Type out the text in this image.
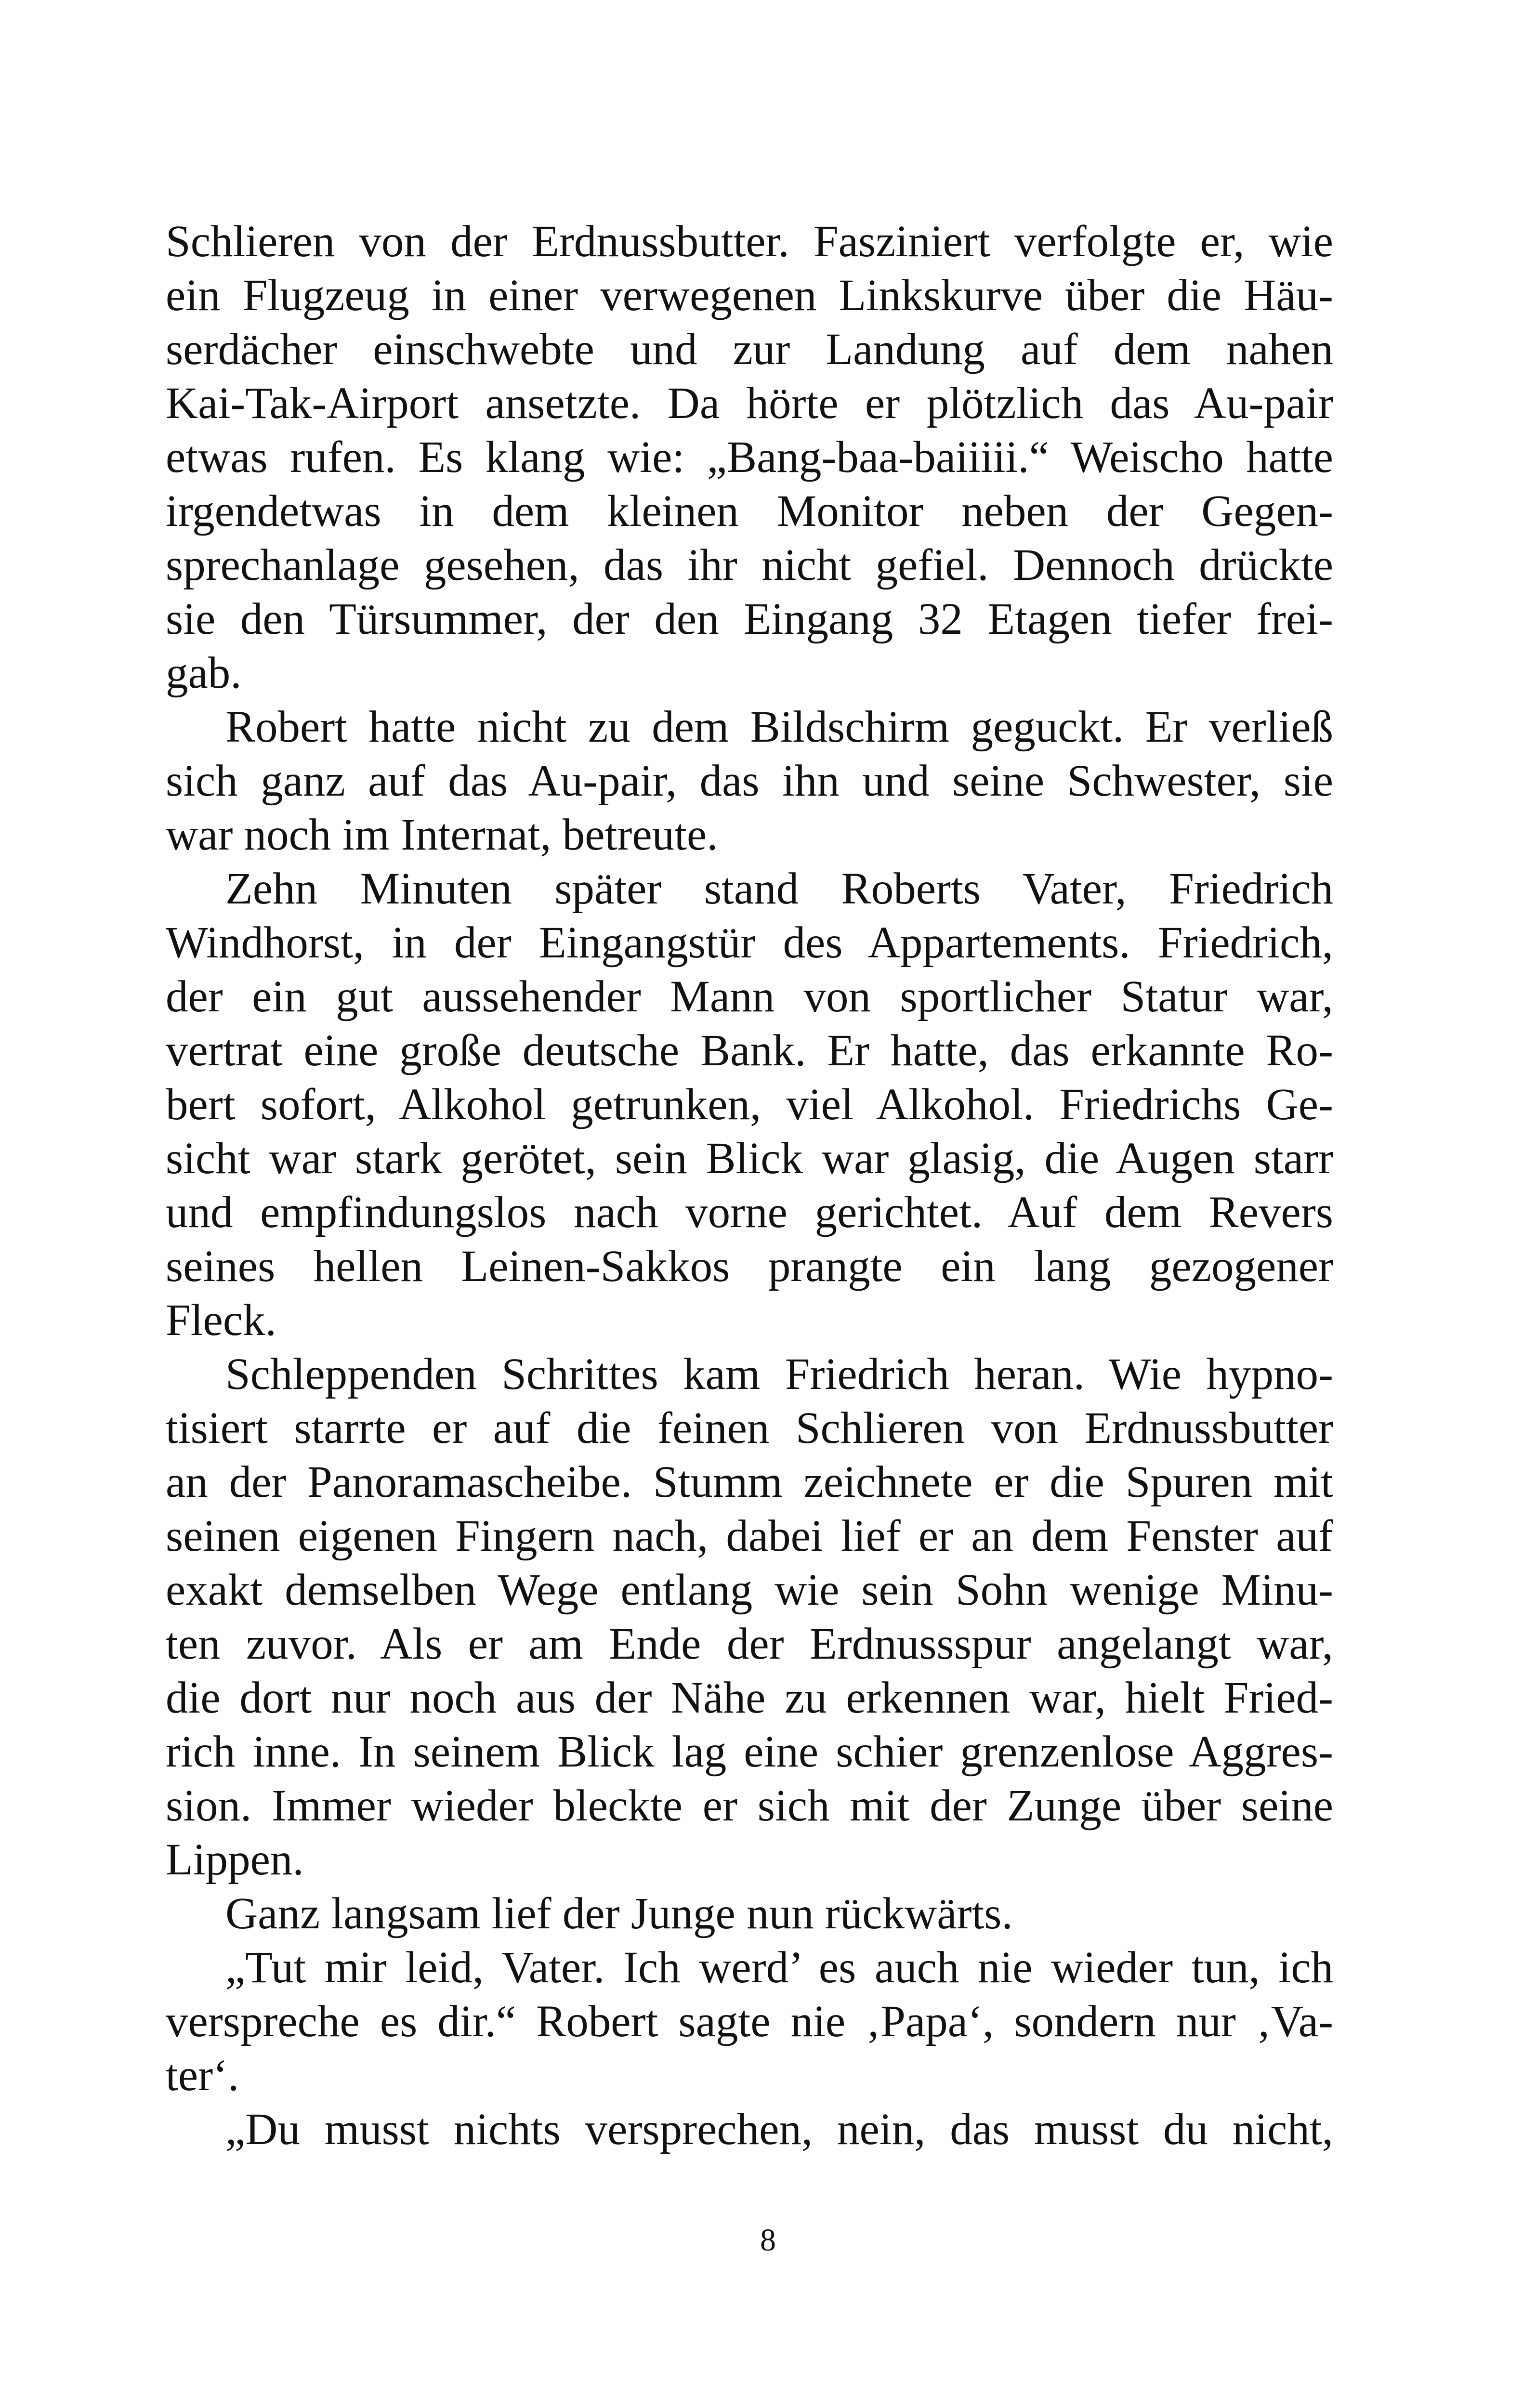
Schlieren von der Erdnussbutter. Fasziniert verfolgte er, wie
ein Flugzeug in einer verwegenen Linkskurve über die Häu-
serdächer einschwebte und zur Landung auf dem nahen
Kai-Tak-Airport ansetzte. Da hörte er plötzlich das Au-pair
etwas rufen. Es klang wie: „Bang-baa-baiiiii.“ Weischo hatte
irgendetwas in dem kleinen Monitor neben der Gegen-
sprechanlage gesehen, das ihr nicht gefiel. Dennoch drückte
sie den Türsummer, der den Eingang 32 Etagen tiefer frei-
gab.
Robert hatte nicht zu dem Bildschirm geguckt. Er verließ
sich ganz auf das Au-pair, das ihn und seine Schwester, sie
war noch im Internat, betreute.
Zehn Minuten später stand Roberts Vater, Friedrich
Windhorst, in der Eingangstür des Appartements. Friedrich,
der ein gut aussehender Mann von sportlicher Statur war,
vertrat eine große deutsche Bank. Er hatte, das erkannte Ro-
bert sofort, Alkohol getrunken, viel Alkohol. Friedrichs Ge-
sicht war stark gerötet, sein Blick war glasig, die Augen starr
und empfindungslos nach vorne gerichtet. Auf dem Revers
seines hellen Leinen-Sakkos prangte ein lang gezogener
Fleck.
Schleppenden Schrittes kam Friedrich heran. Wie hypno-
tisiert starrte er auf die feinen Schlieren von Erdnussbutter
an der Panoramascheibe. Stumm zeichnete er die Spuren mit
seinen eigenen Fingern nach, dabei lief er an dem Fenster auf
exakt demselben Wege entlang wie sein Sohn wenige Minu-
ten zuvor. Als er am Ende der Erdnussspur angelangt war,
die dort nur noch aus der Nähe zu erkennen war, hielt Fried-
rich inne. In seinem Blick lag eine schier grenzenlose Aggres-
sion. Immer wieder bleckte er sich mit der Zunge über seine
Lippen.
Ganz langsam lief der Junge nun rückwärts.
„Tut mir leid, Vater. Ich werd’ es auch nie wieder tun, ich
verspreche es dir.“ Robert sagte nie ‚Papa‘, sondern nur ‚Va-
ter‘.
„Du musst nichts versprechen, nein, das musst du nicht,
8
